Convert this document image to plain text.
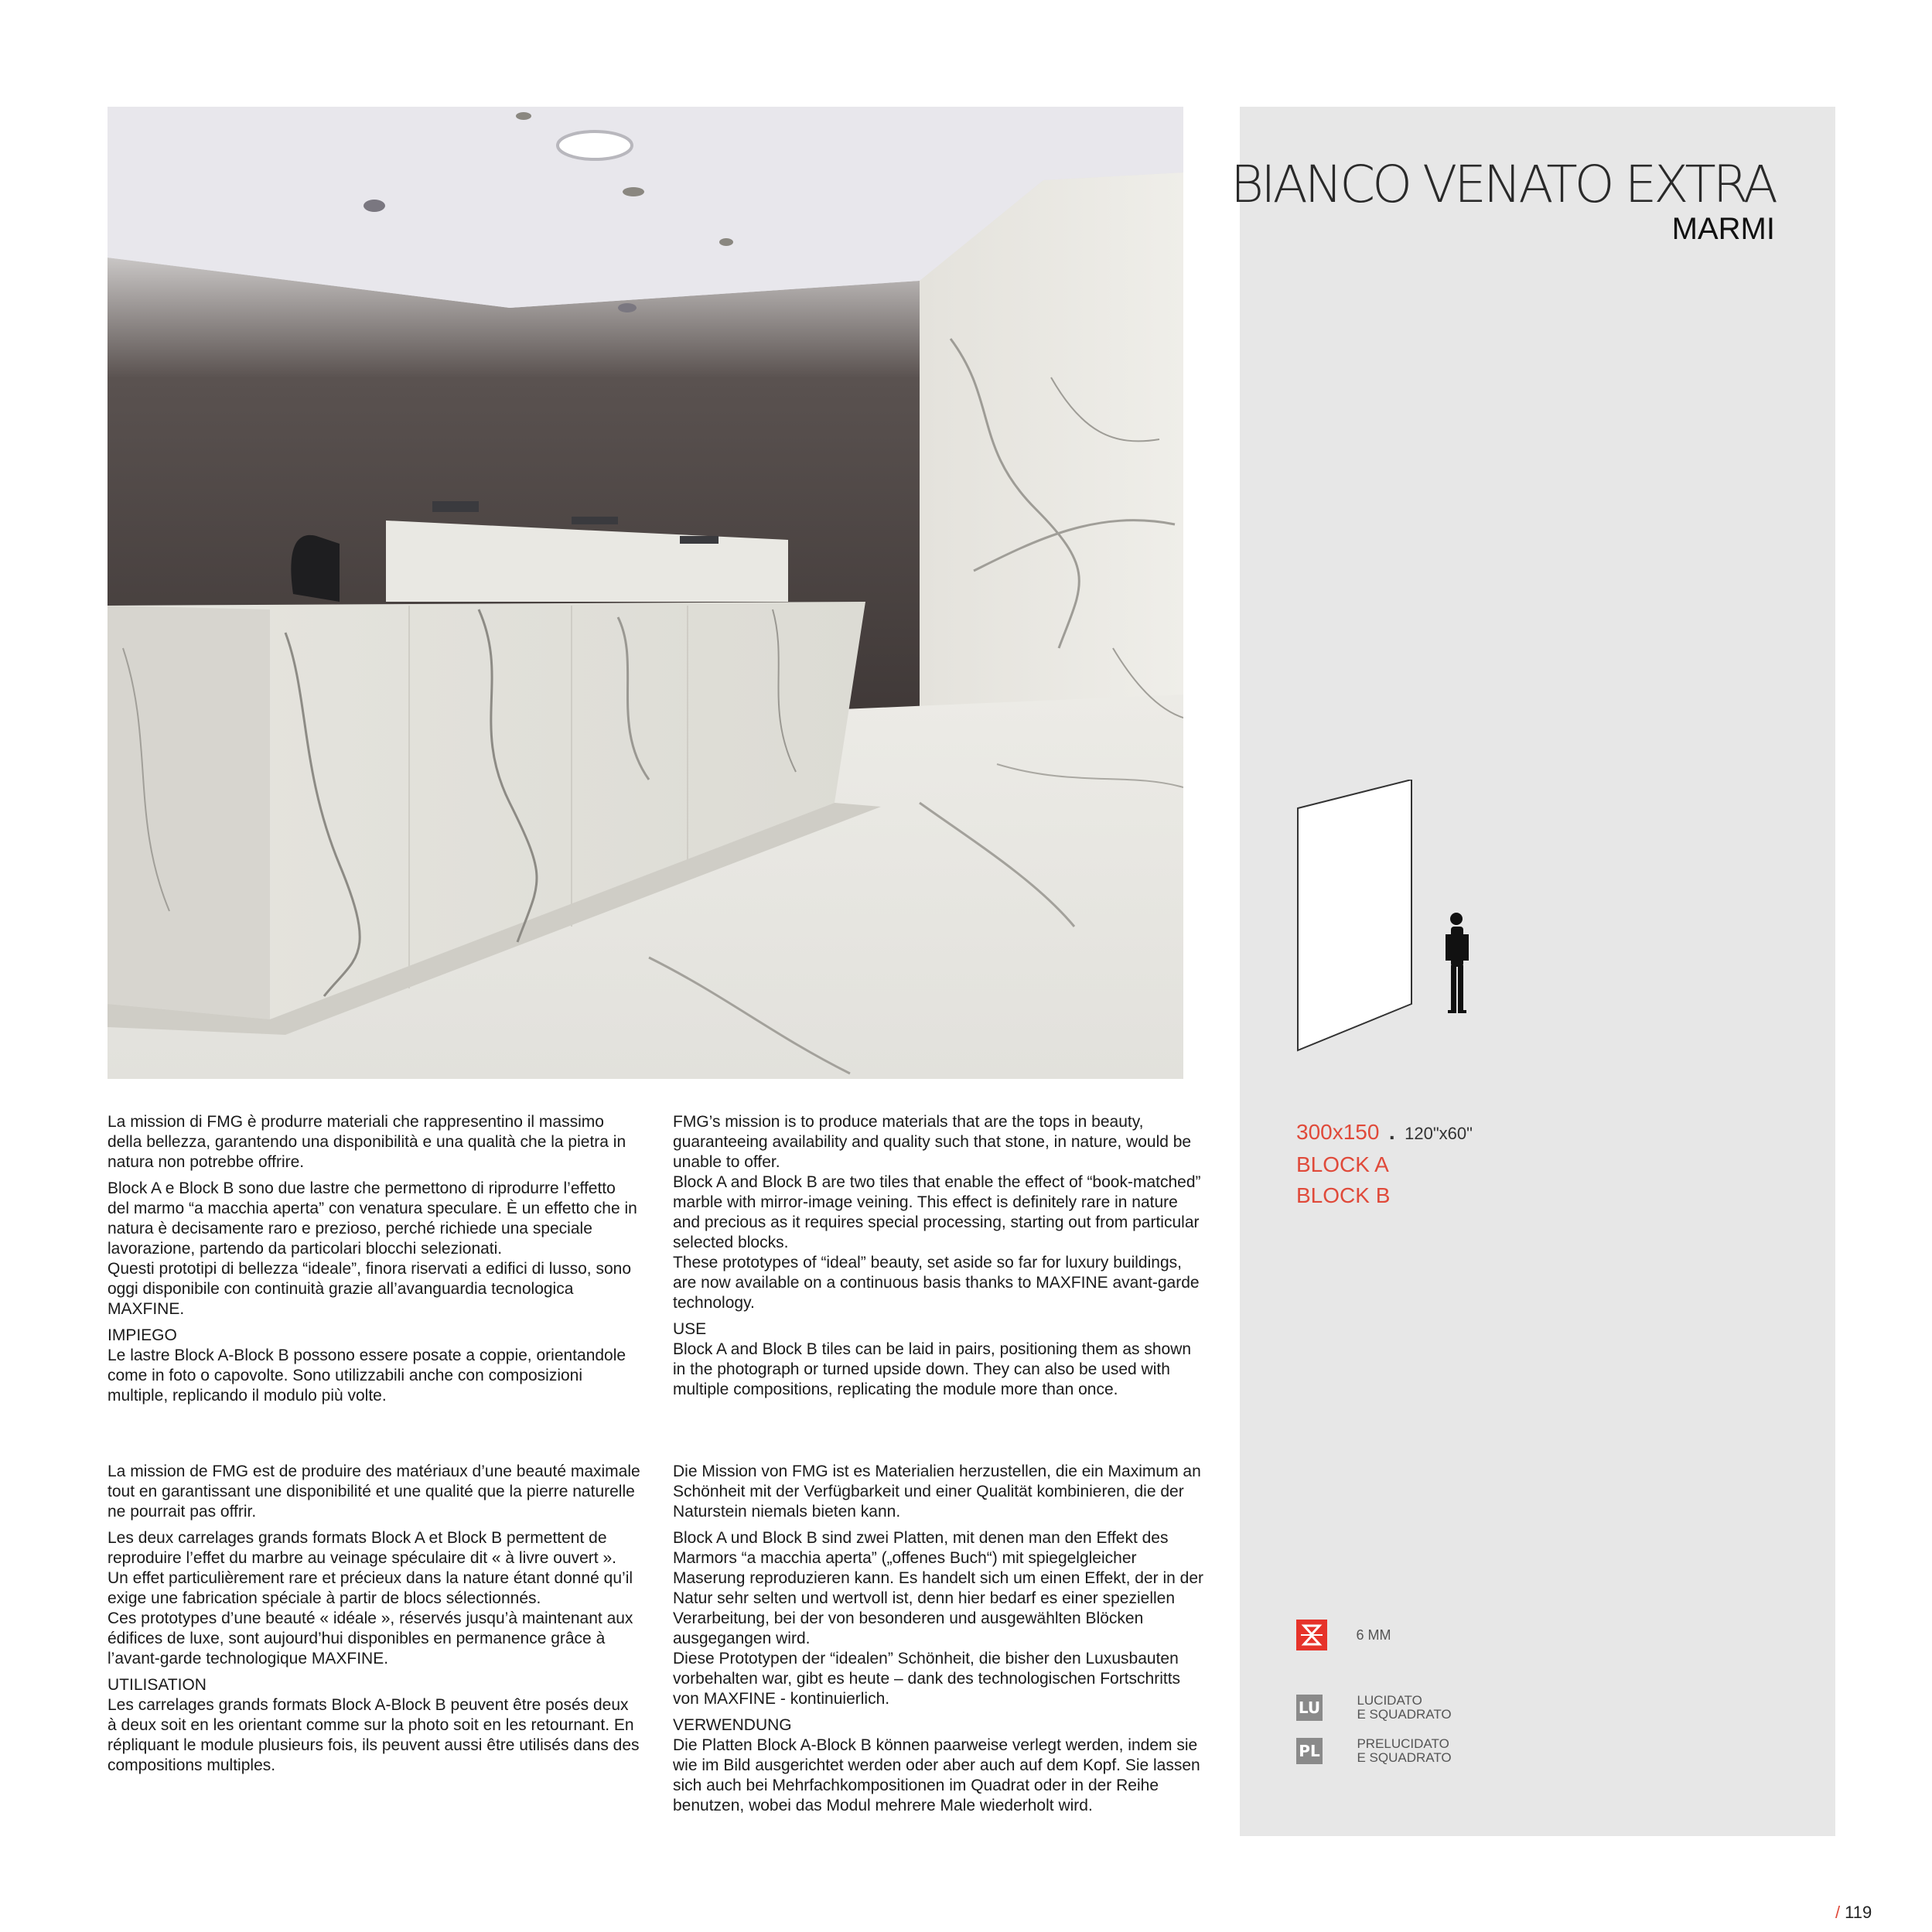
BIANCO VENATO EXTRA
MARMI
300x150 . 120"x60"
BLOCK A
BLOCK B
6 MM
LU	LUCIDATO
E SQUADRATO
PL	PRELUCIDATO
E SQUADRATO

La mission di FMG è produrre materiali che rappresentino il massimo della bellezza, garantendo una disponibilità e una qualità che la pietra in natura non potrebbe offrire.

Block A e Block B sono due lastre che permettono di riprodurre l’effetto del marmo “a macchia aperta” con venatura speculare. È un effetto che in natura è decisamente raro e prezioso, perché richiede una speciale lavorazione, partendo da particolari blocchi selezionati.

Questi prototipi di bellezza “ideale”, finora riservati a edifici di lusso, sono oggi disponibile con continuità grazie all’avanguardia tecnologica MAXFINE.

IMPIEGO

Le lastre Block A-Block B possono essere posate a coppie, orientandole come in foto o capovolte. Sono utilizzabili anche con composizioni multiple, replicando il modulo più volte.

FMG’s mission is to produce materials that are the tops in beauty, guaranteeing availability and quality such that stone, in nature, would be unable to offer.

Block A and Block B are two tiles that enable the effect of “book-matched” marble with mirror-image veining. This effect is definitely rare in nature and precious as it requires special processing, starting out from particular selected blocks.

These prototypes of “ideal” beauty, set aside so far for luxury buildings, are now available on a continuous basis thanks to MAXFINE avant-garde technology.

USE

Block A and Block B tiles can be laid in pairs, positioning them as shown in the photograph or turned upside down. They can also be used with multiple compositions, replicating the module more than once.

La mission de FMG est de produire des matériaux d’une beauté maximale tout en garantissant une disponibilité et une qualité que la pierre naturelle ne pourrait pas offrir.

Les deux carrelages grands formats Block A et Block B permettent de reproduire l’effet du marbre au veinage spéculaire dit « à livre ouvert ». Un effet particulièrement rare et précieux dans la nature étant donné qu’il exige une fabrication spéciale à partir de blocs sélectionnés.

Ces prototypes d’une beauté « idéale », réservés jusqu’à maintenant aux édifices de luxe, sont aujourd’hui disponibles en permanence grâce à l’avant-garde technologique MAXFINE.

UTILISATION

Les carrelages grands formats Block A-Block B peuvent être posés deux à deux soit en les orientant comme sur la photo soit en les retournant. En répliquant le module plusieurs fois, ils peuvent aussi être utilisés dans des compositions multiples.

Die Mission von FMG ist es Materialien herzustellen, die ein Maximum an Schönheit mit der Verfügbarkeit und einer Qualität kombinieren, die der Naturstein niemals bieten kann.

Block A und Block B sind zwei Platten, mit denen man den Effekt des Marmors “a macchia aperta” („offenes Buch“) mit spiegelgleicher Maserung reproduzieren kann. Es handelt sich um einen Effekt, der in der Natur sehr selten und wertvoll ist, denn hier bedarf es einer speziellen Verarbeitung, bei der von besonderen und ausgewählten Blöcken ausgegangen wird.

Diese Prototypen der “idealen” Schönheit, die bisher den Luxusbauten vorbehalten war, gibt es heute – dank des technologischen Fortschritts von MAXFINE - kontinuierlich.

VERWENDUNG

Die Platten Block A-Block B können paarweise verlegt werden, indem sie wie im Bild ausgerichtet werden oder aber auch auf dem Kopf. Sie lassen sich auch bei Mehrfachkompositionen im Quadrat oder in der Reihe benutzen, wobei das Modul mehrere Male wiederholt wird.

/ 119
